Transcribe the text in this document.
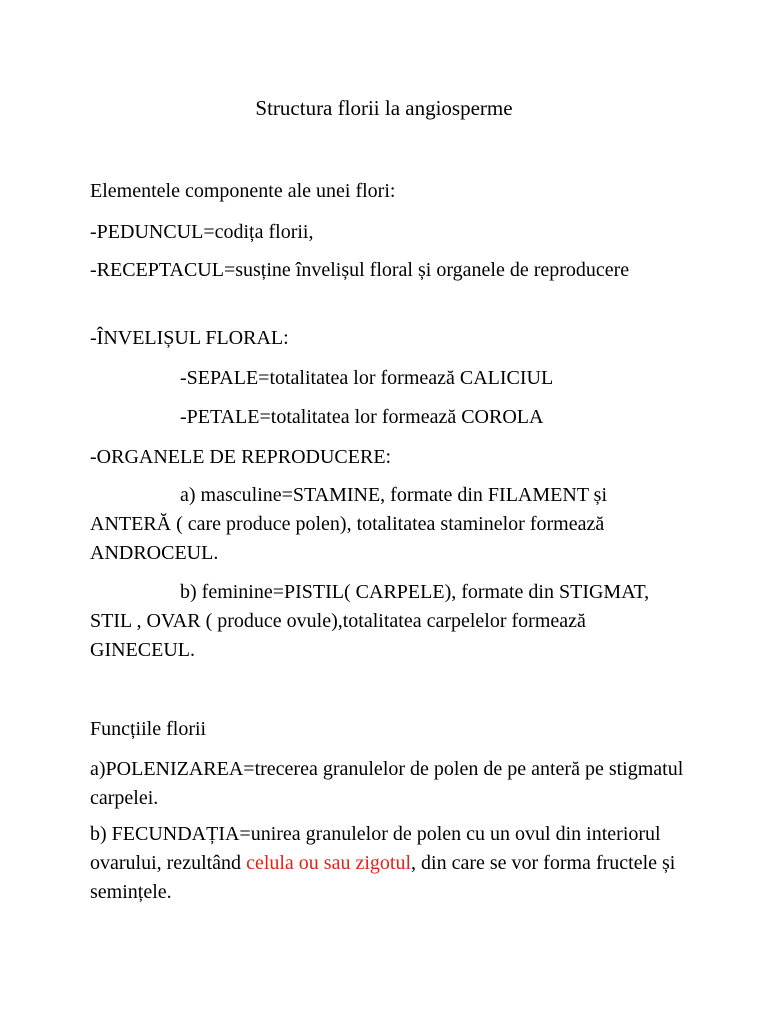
Structura florii la angiosperme

Elementele componente ale unei flori:

-PEDUNCUL=codița florii,

-RECEPTACUL=susține învelișul floral și organele de reproducere

-ÎNVELIȘUL FLORAL:

-SEPALE=totalitatea lor formează CALICIUL

-PETALE=totalitatea lor formează COROLA

-ORGANELE DE REPRODUCERE:

a) masculine=STAMINE, formate din FILAMENT și ANTERĂ ( care produce polen), totalitatea staminelor formează ANDROCEUL.

b) feminine=PISTIL( CARPELE), formate din STIGMAT, STIL , OVAR ( produce ovule),totalitatea carpelelor formează GINECEUL.

Funcțiile florii

a)POLENIZAREA=trecerea granulelor de polen de pe anteră pe stigmatul carpelei.

b) FECUNDAȚIA=unirea granulelor de polen cu un ovul din interiorul ovarului, rezultând celula ou sau zigotul, din care se vor forma fructele și semințele.
